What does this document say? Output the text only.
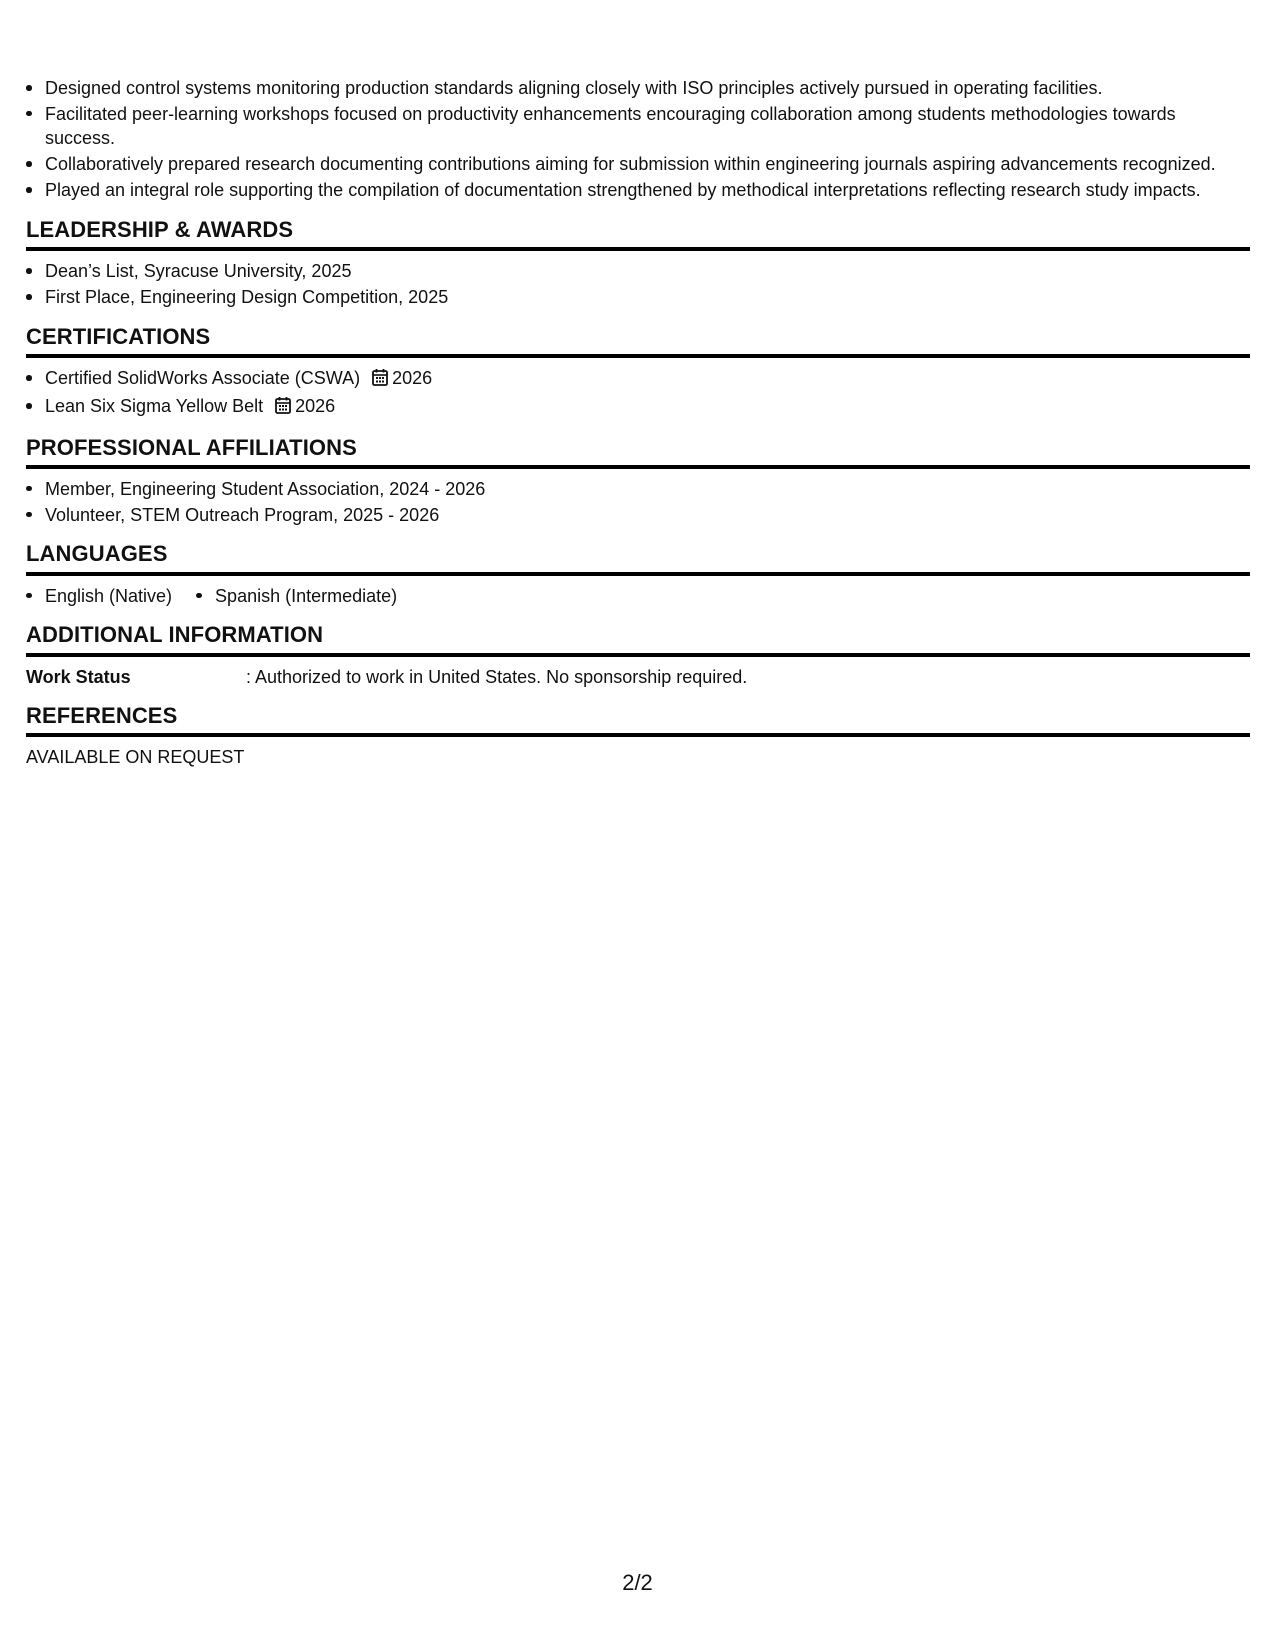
Designed control systems monitoring production standards aligning closely with ISO principles actively pursued in operating facilities.
Facilitated peer-learning workshops focused on productivity enhancements encouraging collaboration among students methodologies towards success.
Collaboratively prepared research documenting contributions aiming for submission within engineering journals aspiring advancements recognized.
Played an integral role supporting the compilation of documentation strengthened by methodical interpretations reflecting research study impacts.
LEADERSHIP & AWARDS
Dean’s List, Syracuse University, 2025
First Place, Engineering Design Competition, 2025
CERTIFICATIONS
Certified SolidWorks Associate (CSWA) 2026
Lean Six Sigma Yellow Belt 2026
PROFESSIONAL AFFILIATIONS
Member, Engineering Student Association, 2024 - 2026
Volunteer, STEM Outreach Program, 2025 - 2026
LANGUAGES
English (Native)	Spanish (Intermediate)
ADDITIONAL INFORMATION
Work Status	: Authorized to work in United States. No sponsorship required.
REFERENCES

AVAILABLE ON REQUEST

2/2
